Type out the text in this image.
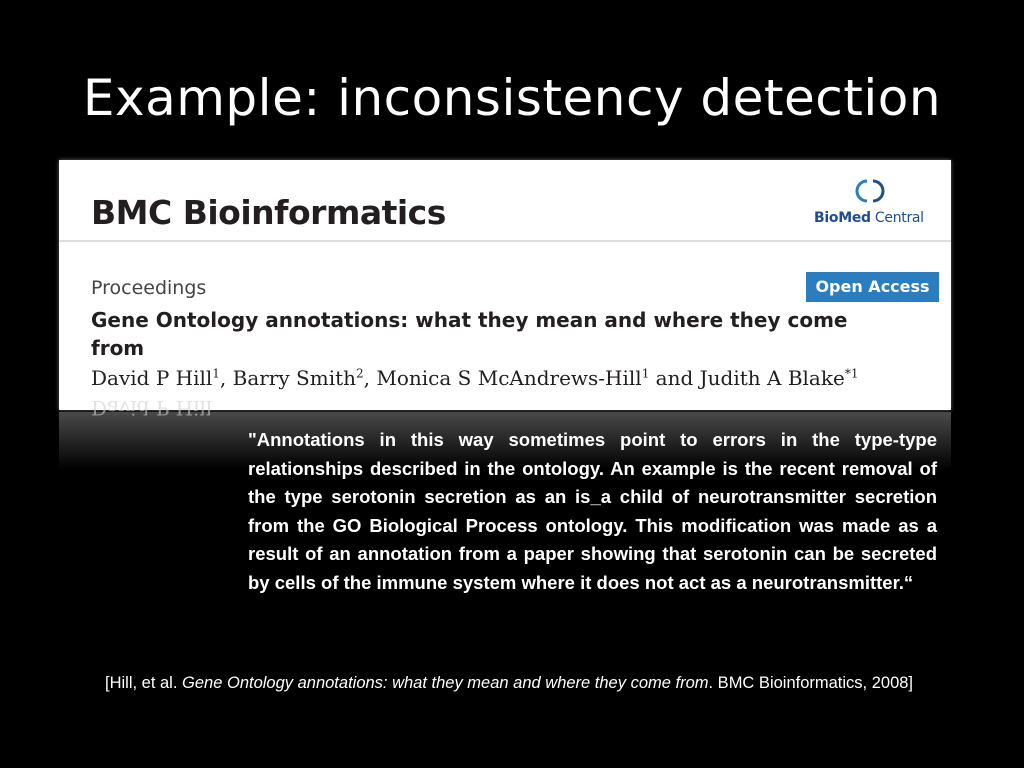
Example: inconsistency detection
BMC Bioinformatics	BioMed Central
Proceedings	Open Access
Gene Ontology annotations: what they mean and where they come from
David P Hill$^1$, Barry Smith$^2$, Monica S McAndrews-Hill$^1$ and Judith A Blake$^{*1}$
David P Hill
"Annotations in this way sometimes point to errors in the type-type relationships described in the ontology. An example is the recent removal of the type serotonin secretion as an is_a child of neurotransmitter secretion from the GO Biological Process ontology. This modification was made as a result of an annotation from a paper showing that serotonin can be secreted by cells of the immune system where it does not act as a neurotransmitter.“
[Hill, et al. Gene Ontology annotations: what they mean and where they come from. BMC Bioinformatics, 2008]
